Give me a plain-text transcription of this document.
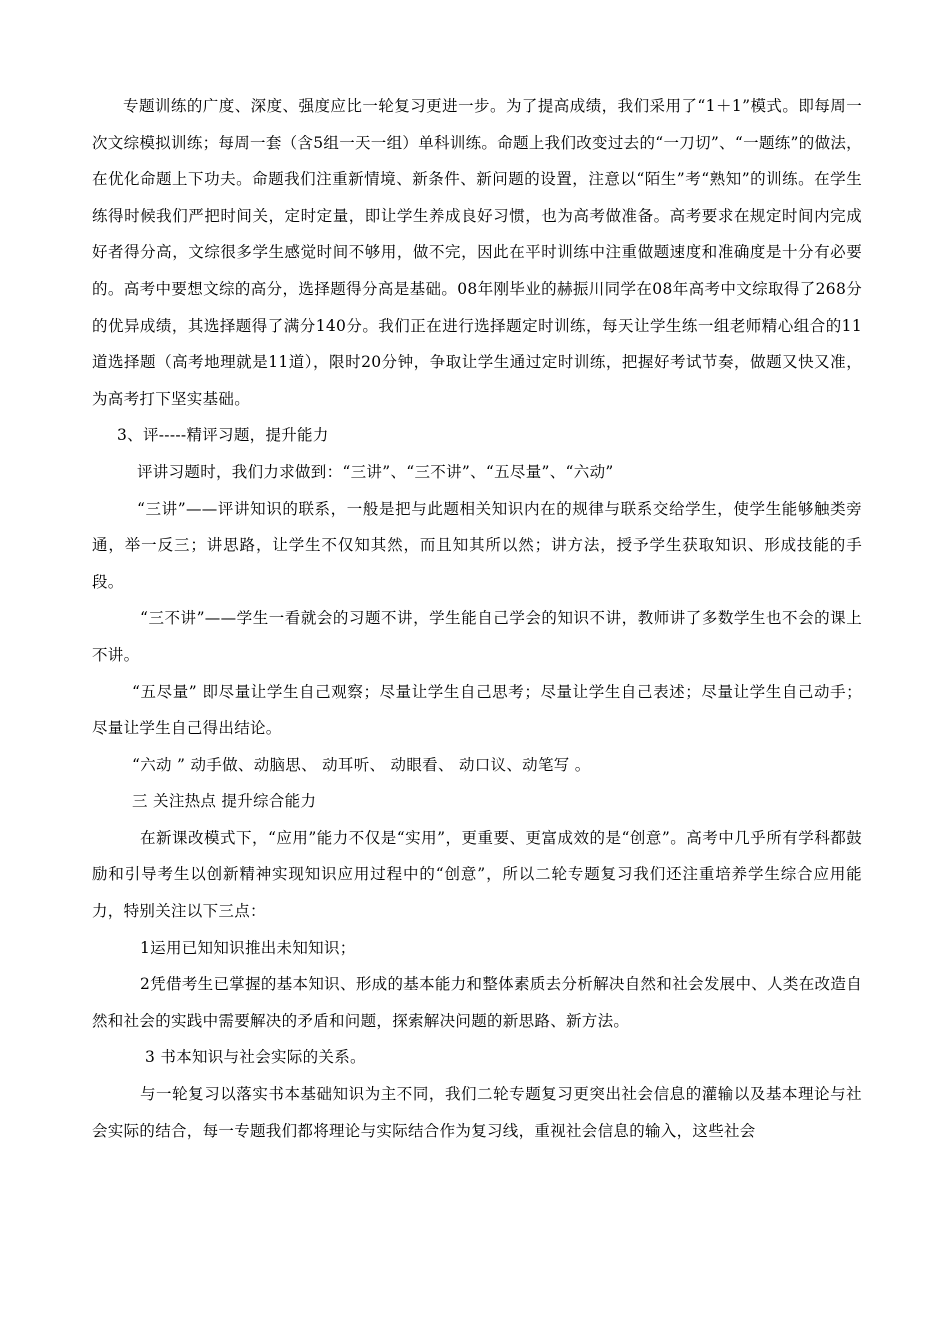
专题训练的广度、深度、强度应比一轮复习更进一步。为了提高成绩，我们采用了“1＋1”模式。即每周一次文综模拟训练；每周一套（含5组一天一组）单科训练。命题上我们改变过去的“一刀切”、“一题练”的做法，在优化命题上下功夫。命题我们注重新情境、新条件、新问题的设置，注意以“陌生”考“熟知”的训练。在学生练得时候我们严把时间关，定时定量，即让学生养成良好习惯，也为高考做准备。高考要求在规定时间内完成好者得分高，文综很多学生感觉时间不够用，做不完，因此在平时训练中注重做题速度和准确度是十分有必要的。高考中要想文综的高分，选择题得分高是基础。08年刚毕业的赫振川同学在08年高考中文综取得了268分的优异成绩，其选择题得了满分140分。我们正在进行选择题定时训练，每天让学生练一组老师精心组合的11道选择题（高考地理就是11道），限时20分钟，争取让学生通过定时训练，把握好考试节奏，做题又快又准，为高考打下坚实基础。

3、评-----精评习题，提升能力

评讲习题时，我们力求做到：“三讲”、“三不讲”、“五尽量”、“六动”

“三讲”——评讲知识的联系，一般是把与此题相关知识内在的规律与联系交给学生，使学生能够触类旁通，举一反三；讲思路，让学生不仅知其然，而且知其所以然；讲方法，授予学生获取知识、形成技能的手段。

“三不讲”——学生一看就会的习题不讲，学生能自己学会的知识不讲，教师讲了多数学生也不会的课上不讲。

“五尽量” 即尽量让学生自己观察；尽量让学生自己思考；尽量让学生自己表述；尽量让学生自己动手；尽量让学生自己得出结论。

“六动 ” 动手做、动脑思、 动耳听、 动眼看、 动口议、动笔写 。

三 关注热点 提升综合能力

在新课改模式下，“应用”能力不仅是“实用”，更重要、更富成效的是“创意”。高考中几乎所有学科都鼓励和引导考生以创新精神实现知识应用过程中的“创意”，所以二轮专题复习我们还注重培养学生综合应用能力，特别关注以下三点：

1运用已知知识推出未知知识；

2凭借考生已掌握的基本知识、形成的基本能力和整体素质去分析解决自然和社会发展中、人类在改造自然和社会的实践中需要解决的矛盾和问题，探索解决问题的新思路、新方法。

3 书本知识与社会实际的关系。

与一轮复习以落实书本基础知识为主不同，我们二轮专题复习更突出社会信息的灌输以及基本理论与社会实际的结合，每一专题我们都将理论与实际结合作为复习线，重视社会信息的输入，这些社会
